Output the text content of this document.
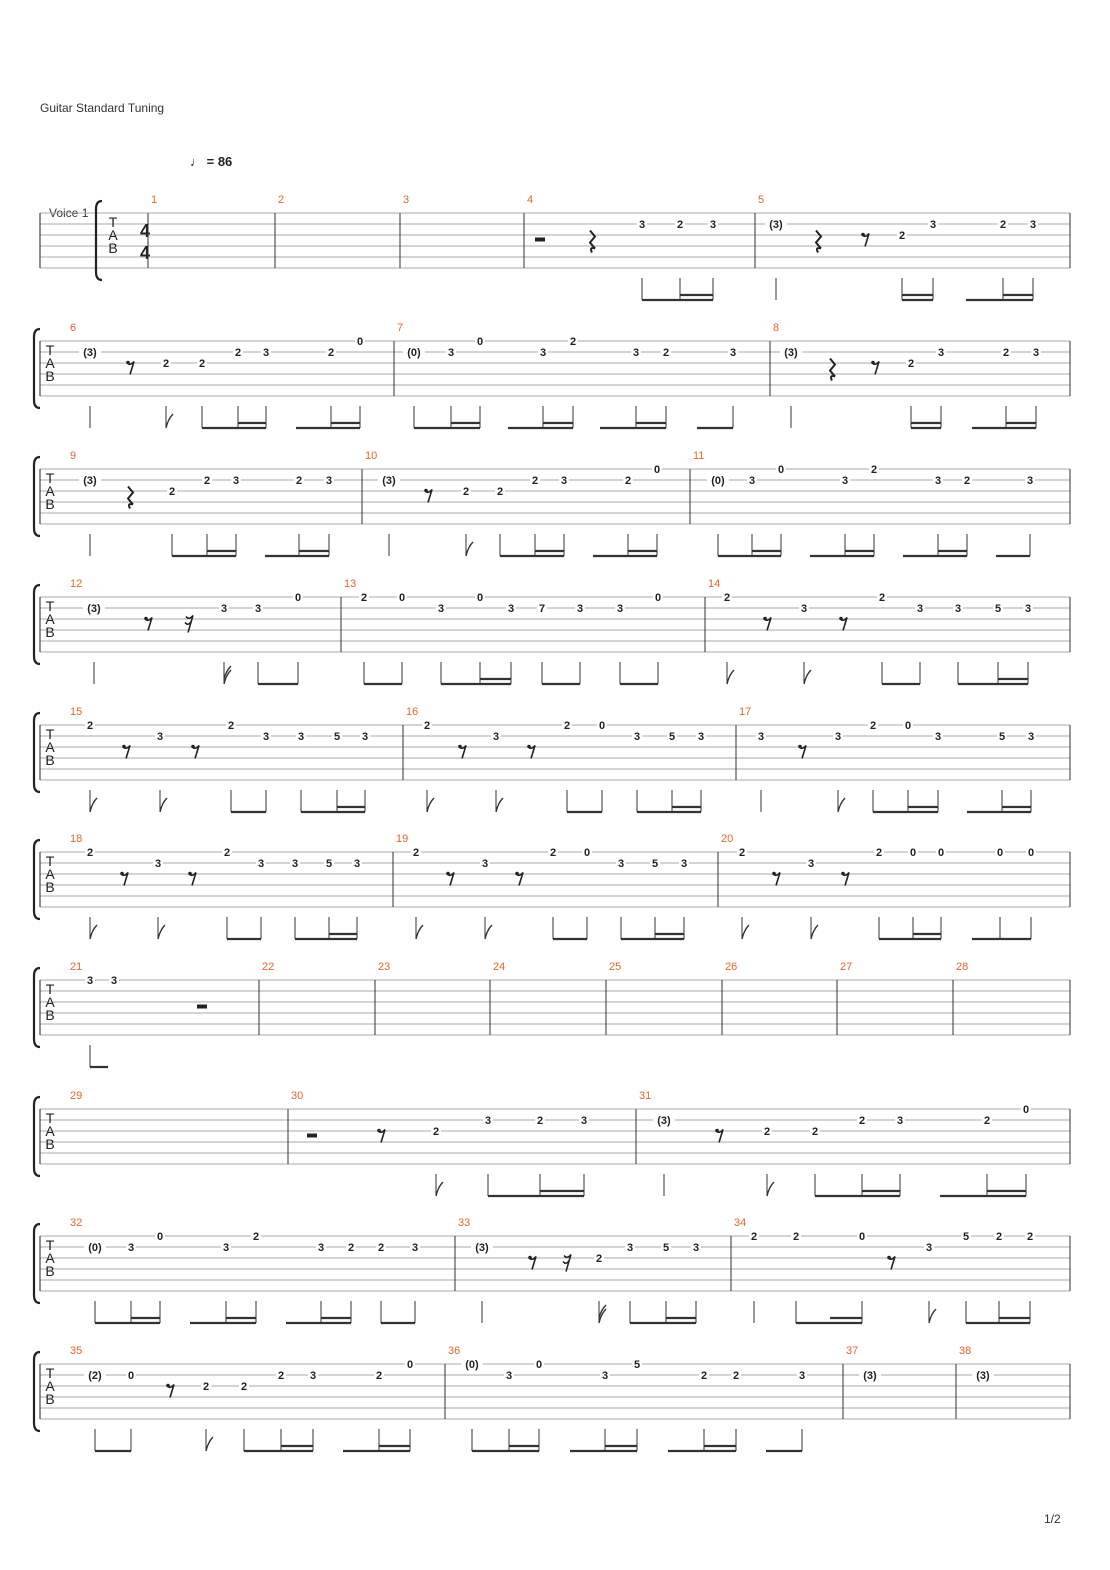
Guitar Standard Tuning
♩ = 86
Voice 1
1/2
T
A
B
4
4
1	2	3	4
3	2 3
5
(3)
2
3	2 3
T
A
B
6
(3)
2	2
2 3	2
0
7
(0) 3
0
3
2
3 2	3
8
(3)
2
3	2 3
T
A
B
9
(3)
2
2 3	2 3
10
(3)
2	2
2 3	2
0
11
(0) 3
0
3
2
3 2	3
T
A
B
12
(3)	3	3
0
13
2	0
3
0
3 7	3	3
0
14
2
3
2
3	3	5 3
T
A
B
15
2
3
2
3	3	5 3
16
2
3
2	0
3	5 3
17
3	3
2	0
3	5 3
T
A
B
18
2
3
2
3	3	5 3
19
2
3
2	0
3	5 3
20
2
3
2	0 0	0 0
T
A
B
21
3 3
22	23	24	25	26	27	28
T
A
B
29	30
2
3	2	3
31
(3)
2	2
2	3	2
0
T
A
B
32
(0) 3
0
3
2
3 2 2	3
33
(3)
2
3	5 3
34
2	2	0
3
5 2 2
T
A
B
35
(2) 0
2	2
2 3	2
0
36
(0)
3
0
3
5
2 2	3
37
(3)
38
(3)
